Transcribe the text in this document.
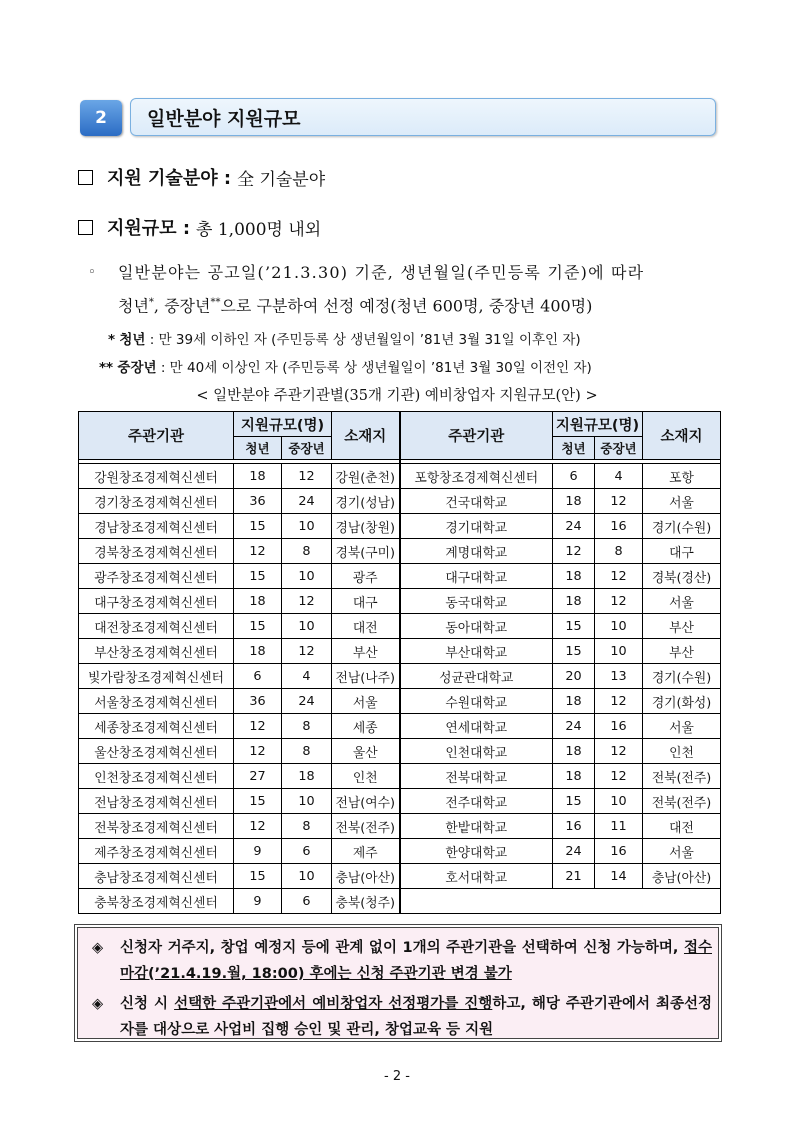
2	일반분야 지원규모
지원 기술분야 : 全 기술분야
지원규모 : 총 1,000명 내외
◦ 일반분야는 공고일(’21.3.30) 기준, 생년월일(주민등록 기준)에 따라
청년*, 중장년**으로 구분하여 선정 예정(청년 600명, 중장년 400명)
* 청년 : 만 39세 이하인 자 (주민등록 상 생년월일이 ’81년 3월 31일 이후인 자)
** 중장년 : 만 40세 이상인 자 (주민등록 상 생년월일이 ’81년 3월 30일 이전인 자)
< 일반분야 주관기관별(35개 기관) 예비창업자 지원규모(안) >
주관기관	지원규모(명)		소재지	주관기관	지원규모(명)		소재지
	청년	중장년			청년	중장년	

강원창조경제혁신센터	18	12	강원(춘천)	포항창조경제혁신센터	6	4	포항
경기창조경제혁신센터	36	24	경기(성남)	건국대학교	18	12	서울
경남창조경제혁신센터	15	10	경남(창원)	경기대학교	24	16	경기(수원)
경북창조경제혁신센터	12	8	경북(구미)	계명대학교	12	8	대구
광주창조경제혁신센터	15	10	광주	대구대학교	18	12	경북(경산)
대구창조경제혁신센터	18	12	대구	동국대학교	18	12	서울
대전창조경제혁신센터	15	10	대전	동아대학교	15	10	부산
부산창조경제혁신센터	18	12	부산	부산대학교	15	10	부산
빛가람창조경제혁신센터	6	4	전남(나주)	성균관대학교	20	13	경기(수원)
서울창조경제혁신센터	36	24	서울	수원대학교	18	12	경기(화성)
세종창조경제혁신센터	12	8	세종	연세대학교	24	16	서울
울산창조경제혁신센터	12	8	울산	인천대학교	18	12	인천
인천창조경제혁신센터	27	18	인천	전북대학교	18	12	전북(전주)
전남창조경제혁신센터	15	10	전남(여수)	전주대학교	15	10	전북(전주)
전북창조경제혁신센터	12	8	전북(전주)	한밭대학교	16	11	대전
제주창조경제혁신센터	9	6	제주	한양대학교	24	16	서울
충남창조경제혁신센터	15	10	충남(아산)	호서대학교	21	14	충남(아산)
충북창조경제혁신센터	9	6	충북(청주)				
◈ 신청자 거주지, 창업 예정지 등에 관계 없이 1개의 주관기관을 선택하여 신청 가능하며, 접수 마감(’21.4.19.월, 18:00) 후에는 신청 주관기관 변경 불가
◈ 신청 시 선택한 주관기관에서 예비창업자 선정평가를 진행하고, 해당 주관기관에서 최종선정자를 대상으로 사업비 집행 승인 및 관리, 창업교육 등 지원
- 2 -
